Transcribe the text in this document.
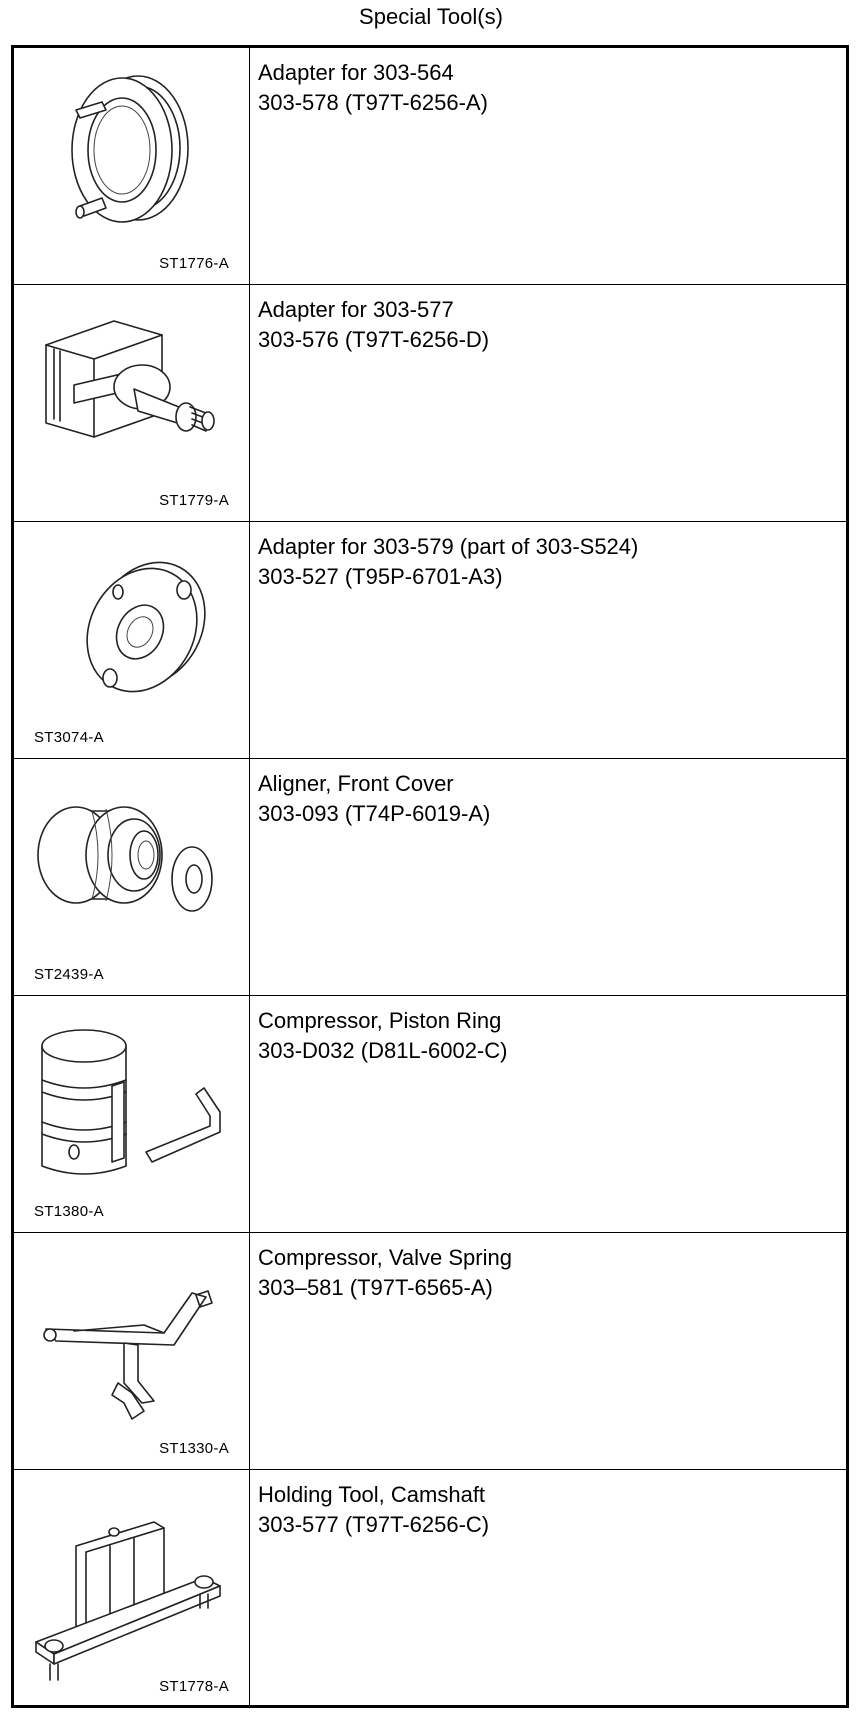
Special Tool(s)
ST1776-A
Adapter for 303-564
303-578 (T97T-6256-A)
ST1779-A
Adapter for 303-577
303-576 (T97T-6256-D)
ST3074-A
Adapter for 303-579 (part of 303-S524)
303-527 (T95P-6701-A3)
ST2439-A
Aligner, Front Cover
303-093 (T74P-6019-A)
ST1380-A
Compressor, Piston Ring
303-D032 (D81L-6002-C)
ST1330-A
Compressor, Valve Spring
303–581 (T97T-6565-A)
ST1778-A
Holding Tool, Camshaft
303-577 (T97T-6256-C)
